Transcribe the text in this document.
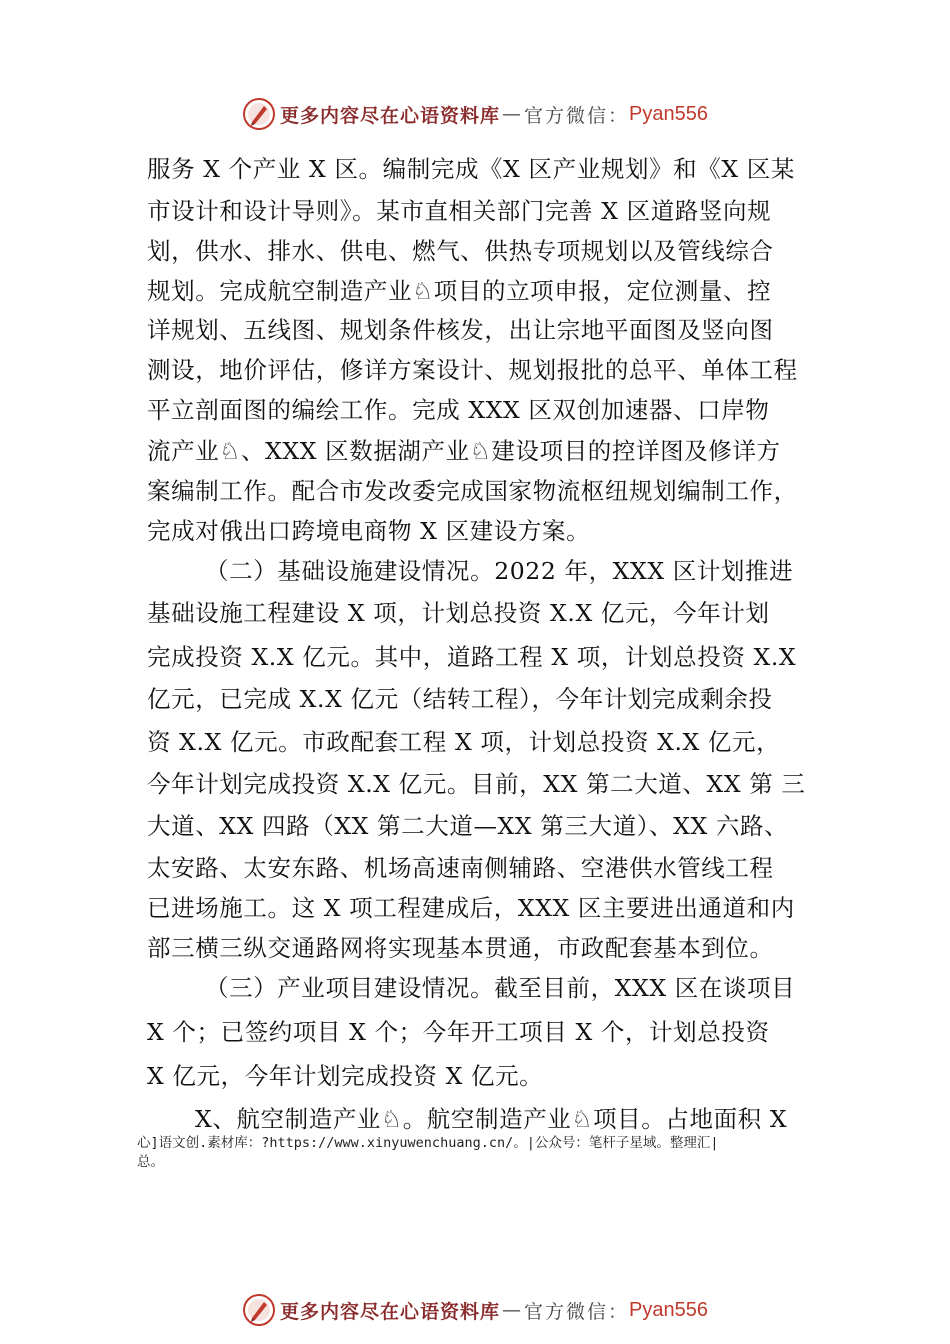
更多内容尽在心语资料库 — 官方微信： Pyan556
服务 X 个产业 X 区。编制完成《X 区产业规划》和《X 区某
市设计和设计导则》。某市直相关部门完善 X 区道路竖向规
划，供水、排水、供电、燃气、供热专项规划以及管线综合
规划。完成航空制造产业♘项目的立项申报，定位测量、控
详规划、五线图、规划条件核发，出让宗地平面图及竖向图
测设，地价评估，修详方案设计、规划报批的总平、单体工程
平立剖面图的编绘工作。完成 XXX 区双创加速器、口岸物
流产业♘、XXX 区数据湖产业♘建设项目的控详图及修详方
案编制工作。配合市发改委完成国家物流枢纽规划编制工作，
完成对俄出口跨境电商物 X 区建设方案。
（二）基础设施建设情况。2022 年，XXX 区计划推进
基础设施工程建设 X 项，计划总投资 X.X 亿元，今年计划
完成投资 X.X 亿元。其中，道路工程 X 项，计划总投资 X.X
亿元，已完成 X.X 亿元（结转工程），今年计划完成剩余投
资 X.X 亿元。市政配套工程 X 项，计划总投资 X.X 亿元，
今年计划完成投资 X.X 亿元。目前，XX 第二大道、XX 第 三
大道、XX 四路（XX 第二大道—XX 第三大道）、XX 六路、
太安路、太安东路、机场高速南侧辅路、空港供水管线工程
已进场施工。这 X 项工程建成后，XXX 区主要进出通道和内
部三横三纵交通路网将实现基本贯通，市政配套基本到位。
（三）产业项目建设情况。截至目前，XXX 区在谈项目
X 个；已签约项目 X 个；今年开工项目 X 个，计划总投资
X 亿元，今年计划完成投资 X 亿元。
X、航空制造产业♘。航空制造产业♘项目。占地面积 X
心]语文创.素材库：?https://www.xinyuwenchuang.cn/。|公众号：笔杆子星域。整理汇|
总。
更多内容尽在心语资料库 — 官方微信： Pyan556
